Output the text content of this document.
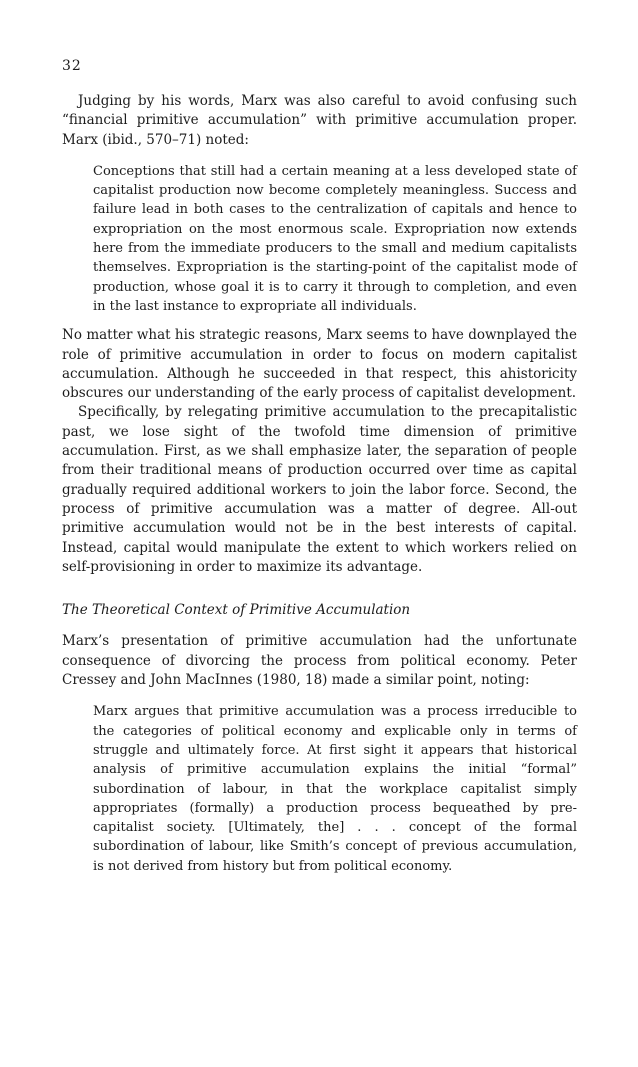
32

Judging by his words, Marx was also careful to avoid confusing such “financial primitive accumulation” with primitive accumulation proper. Marx (ibid., 570–71) noted:

Conceptions that still had a certain meaning at a less developed state of capitalist production now become completely meaningless. Success and failure lead in both cases to the centralization of capitals and hence to expropriation on the most enormous scale. Expropriation now extends here from the immediate producers to the small and medium capitalists themselves. Expropriation is the starting-point of the capitalist mode of production, whose goal it is to carry it through to completion, and even in the last instance to expropriate all individuals.

No matter what his strategic reasons, Marx seems to have downplayed the role of primitive accumulation in order to focus on modern capitalist accumulation. Although he succeeded in that respect, this ahistoricity obscures our understanding of the early process of capitalist development.

Specifically, by relegating primitive accumulation to the precapitalistic past, we lose sight of the twofold time dimension of primitive accumulation. First, as we shall emphasize later, the separation of people from their traditional means of production occurred over time as capital gradually required additional workers to join the labor force. Second, the process of primitive accumulation was a matter of degree. All-out primitive accumulation would not be in the best interests of capital. Instead, capital would manipulate the extent to which workers relied on self-provisioning in order to maximize its advantage.

The Theoretical Context of Primitive Accumulation

Marx’s presentation of primitive accumulation had the unfortunate consequence of divorcing the process from political economy. Peter Cressey and John MacInnes (1980, 18) made a similar point, noting:

Marx argues that primitive accumulation was a process irreducible to the categories of political economy and explicable only in terms of struggle and ultimately force. At first sight it appears that historical analysis of primitive accumulation explains the initial “formal” subordination of labour, in that the workplace capitalist simply appropriates (formally) a production process bequeathed by pre-capitalist society. [Ultimately, the] . . . concept of the formal subordination of labour, like Smith’s concept of previous accumulation, is not derived from history but from political economy.
